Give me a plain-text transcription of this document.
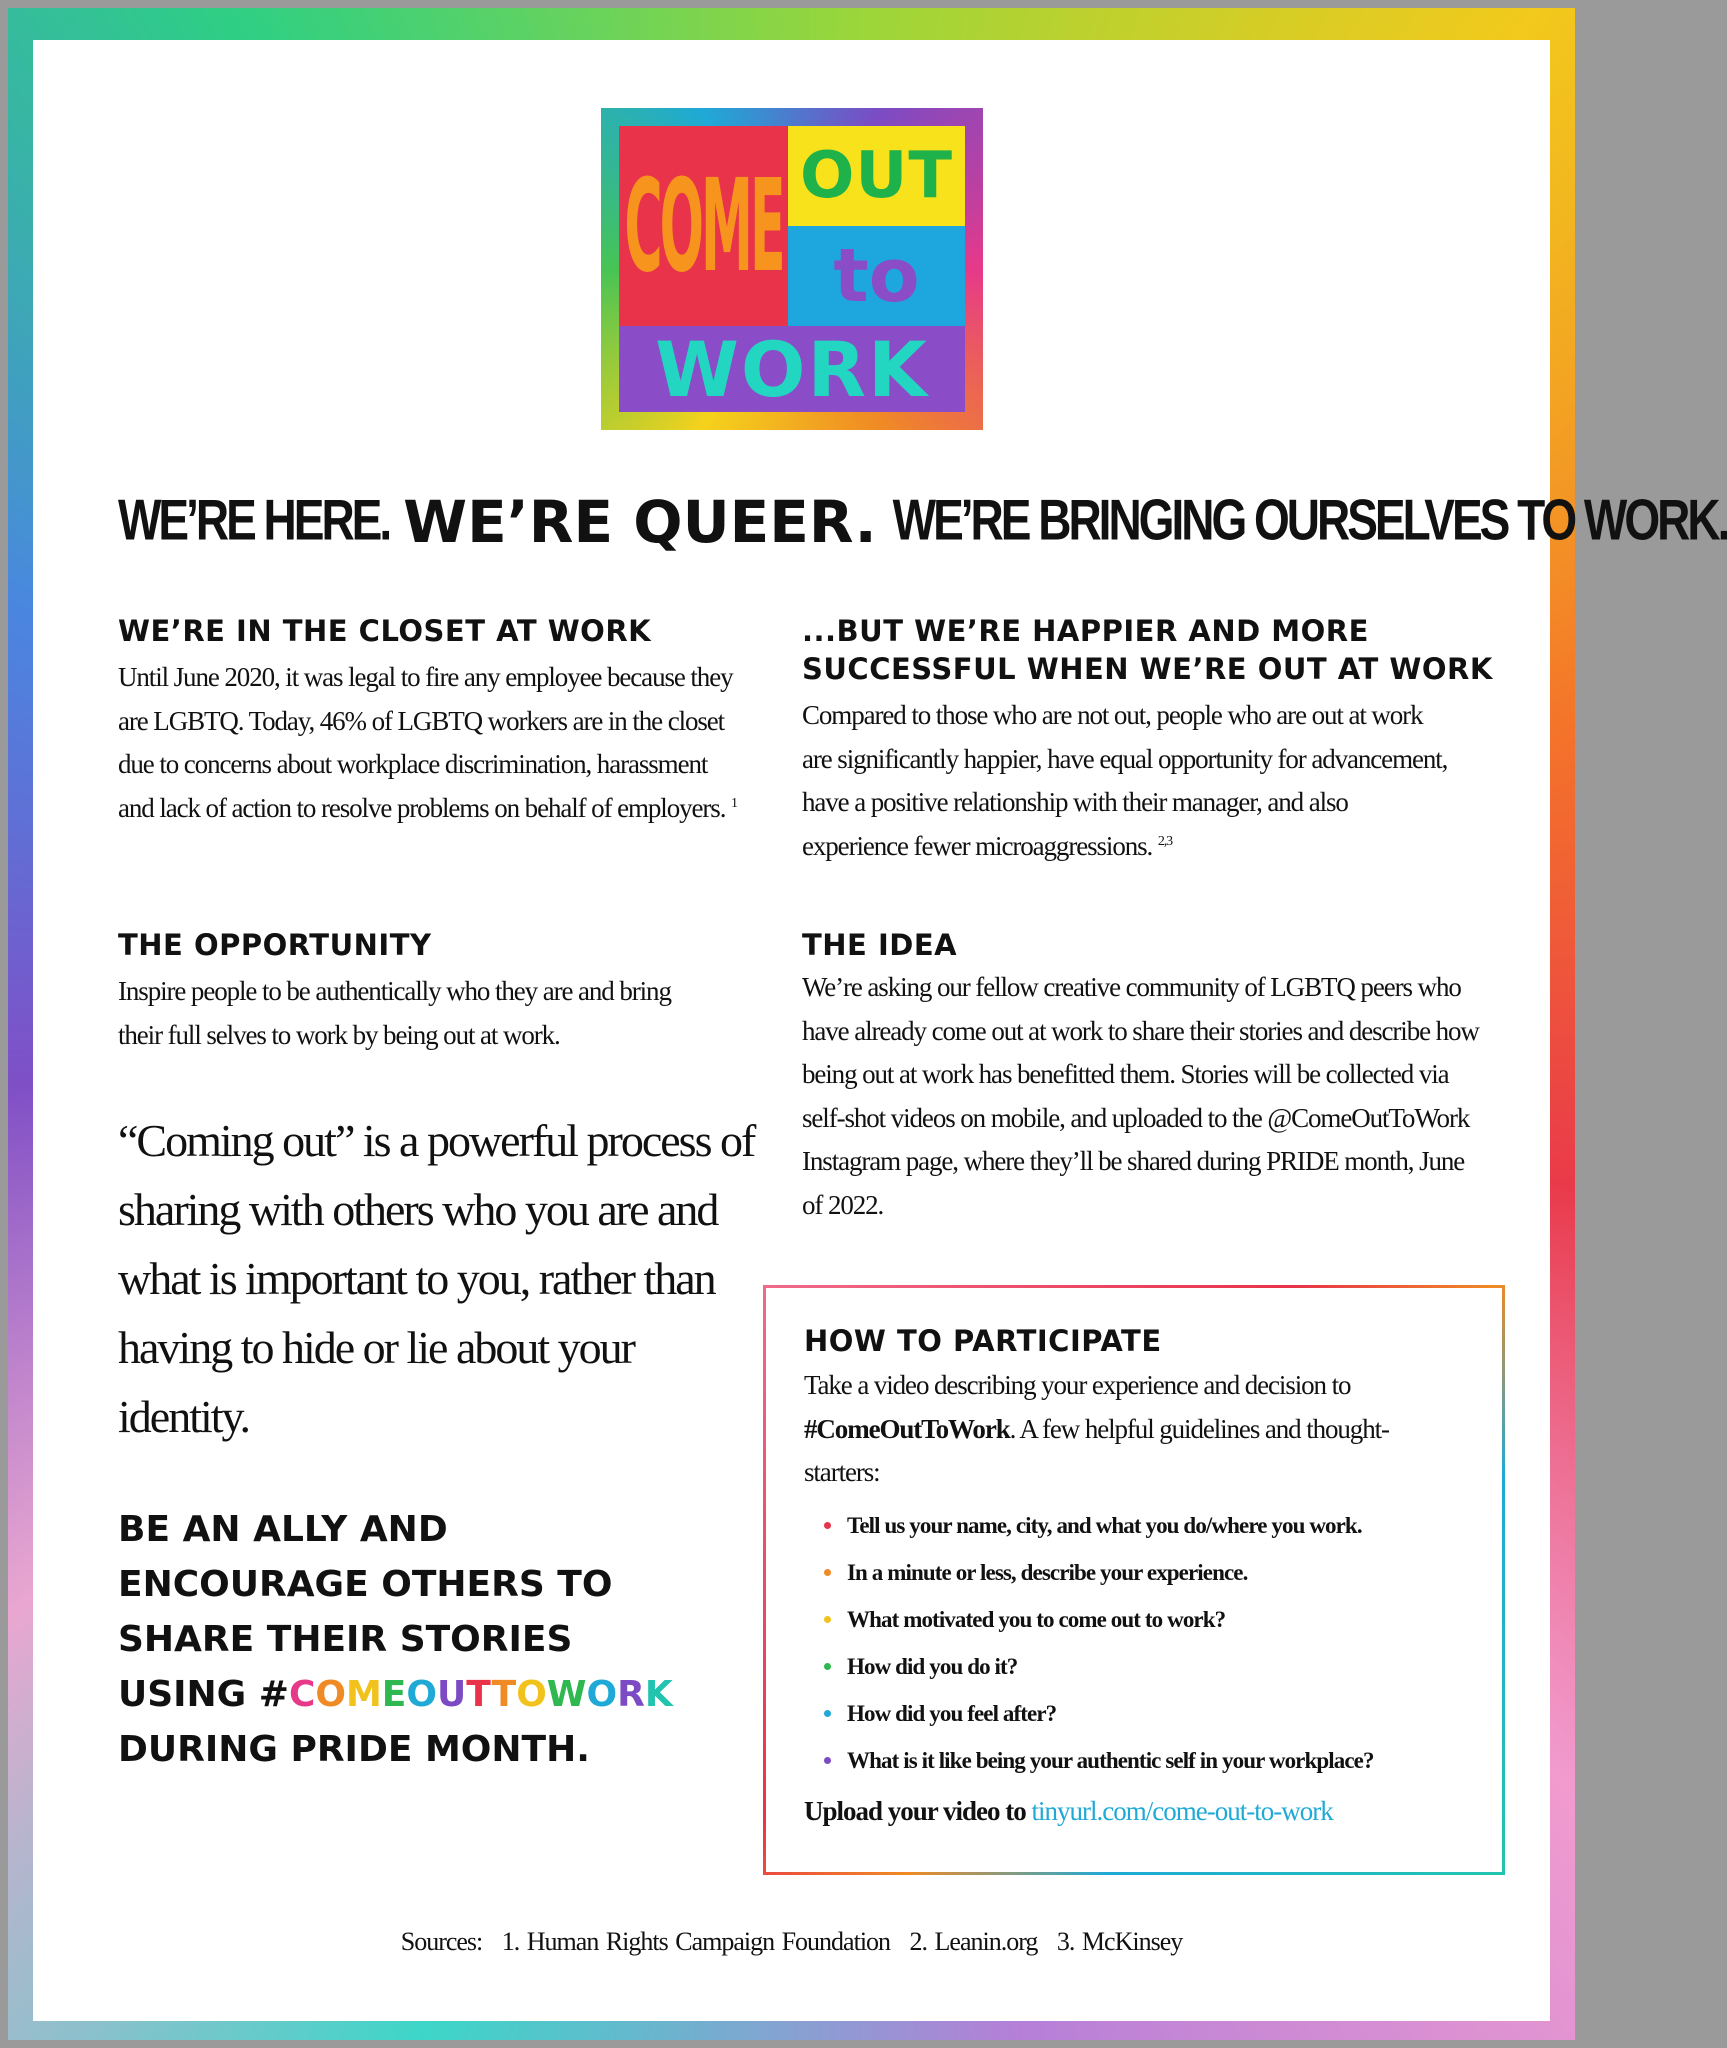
COME OUT
to
WORK
WE’RE HERE. WE’RE QUEER. WE’RE BRINGING OURSELVES TO WORK.
WE’RE IN THE CLOSET AT WORK
Until June 2020, it was legal to fire any employee because they are LGBTQ. Today, 46% of LGBTQ workers are in the closet due to concerns about workplace discrimination, harassment and lack of action to resolve problems on behalf of employers. $^1$
...BUT WE’RE HAPPIER AND MORE SUCCESSFUL WHEN WE’RE OUT AT WORK
Compared to those who are not out, people who are out at work are significantly happier, have equal opportunity for advancement, have a positive relationship with their manager, and also experience fewer microaggressions. $^{2,3}$
THE OPPORTUNITY
Inspire people to be authentically who they are and bring their full selves to work by being out at work.
THE IDEA
We’re asking our fellow creative community of LGBTQ peers who have already come out at work to share their stories and describe how being out at work has benefitted them. Stories will be collected via self-shot videos on mobile, and uploaded to the @ComeOutToWork Instagram page, where they’ll be shared during PRIDE month, June of 2022.
“Coming out” is a powerful process of sharing with others who you are and what is important to you, rather than having to hide or lie about your identity.
BE AN ALLY AND
ENCOURAGE OTHERS TO
SHARE THEIR STORIES
USING #COMEOUTTOWORK
DURING PRIDE MONTH.
HOW TO PARTICIPATE
Take a video describing your experience and decision to #ComeOutToWork. A few helpful guidelines and thought-starters:
Tell us your name, city, and what you do/where you work.
In a minute or less, describe your experience.
What motivated you to come out to work?
How did you do it?
How did you feel after?
What is it like being your authentic self in your workplace?
Upload your video to tinyurl.com/come-out-to-work
Sources: 1. Human Rights Campaign Foundation 2. Leanin.org 3. McKinsey
